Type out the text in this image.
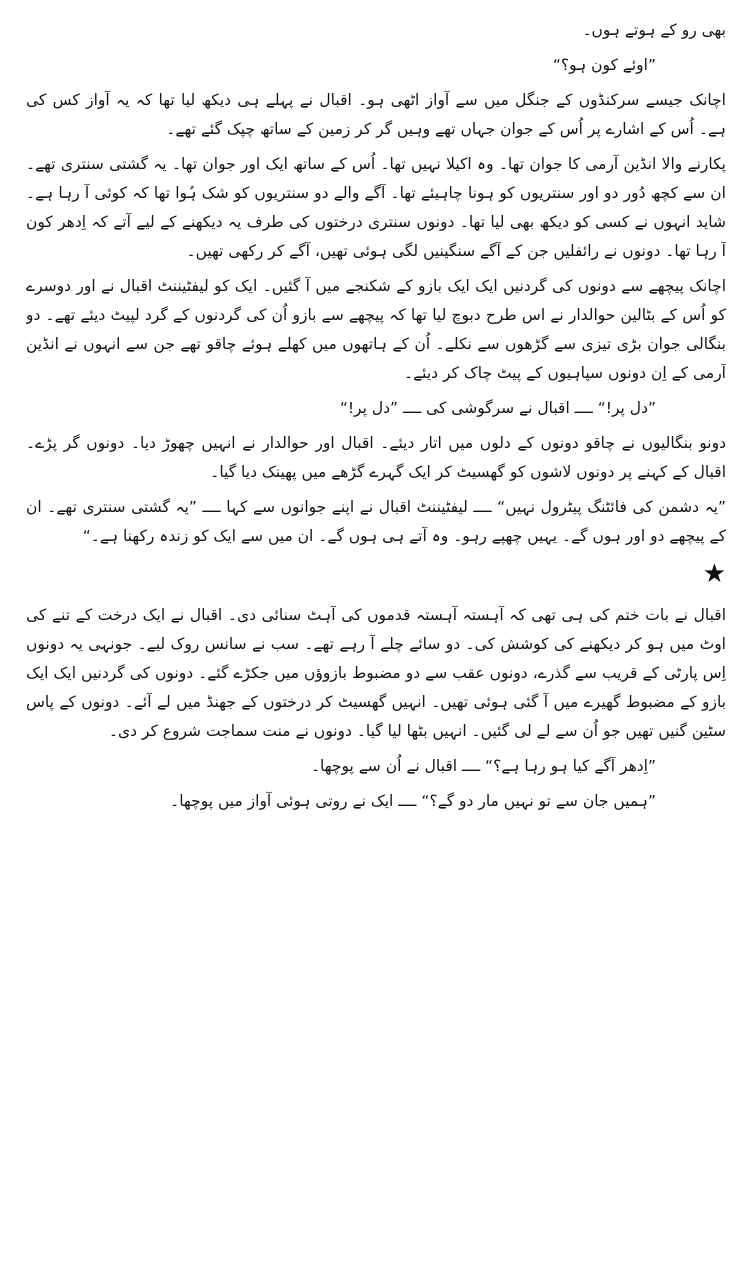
بھی رو کے ہوتے ہوں۔

”اوئے کون ہو؟“

اچانک جیسے سرکنڈوں کے جنگل میں سے آواز اٹھی ہو۔ اقبال نے پہلے ہی دیکھ لیا تھا کہ یہ آواز کس کی ہے۔ اُس کے اشارے پر اُس کے جوان جہاں تھے وہیں گر کر زمین کے ساتھ چپک گئے تھے۔

پکارنے والا انڈین آرمی کا جوان تھا۔ وہ اکیلا نہیں تھا۔ اُس کے ساتھ ایک اور جوان تھا۔ یہ گشتی سنتری تھے۔ ان سے کچھ دُور دو اور سنتریوں کو ہونا چاہیئے تھا۔ آگے والے دو سنتریوں کو شک ہُوا تھا کہ کوئی آ رہا ہے۔ شاید انہوں نے کسی کو دیکھ بھی لیا تھا۔ دونوں سنتری درختوں کی طرف یہ دیکھنے کے لیے آتے کہ اِدھر کون آ رہا تھا۔ دونوں نے رائفلیں جن کے آگے سنگینیں لگی ہوئی تھیں، آگے کر رکھی تھیں۔

اچانک پیچھے سے دونوں کی گردنیں ایک ایک بازو کے شکنجے میں آ گئیں۔ ایک کو لیفٹیننٹ اقبال نے اور دوسرے کو اُس کے بٹالین حوالدار نے اس طرح دبوچ لیا تھا کہ پیچھے سے بازو اُن کی گردنوں کے گرد لپیٹ دیئے تھے۔ دو بنگالی جوان بڑی تیزی سے گڑھوں سے نکلے۔ اُن کے ہاتھوں میں کھلے ہوئے چاقو تھے جن سے انہوں نے انڈین آرمی کے اِن دونوں سپاہیوں کے پیٹ چاک کر دیئے۔

”دل پر!“ ــــ اقبال نے سرگوشی کی ــــ ”دل پر!“

دونو بنگالیوں نے چاقو دونوں کے دلوں میں اتار دیئے۔ اقبال اور حوالدار نے انہیں چھوڑ دیا۔ دونوں گر پڑے۔ اقبال کے کہنے پر دونوں لاشوں کو گھسیٹ کر ایک گہرے گڑھے میں پھینک دیا گیا۔

”یہ دشمن کی فائٹنگ پیٹرول نہیں“ ــــ لیفٹیننٹ اقبال نے اپنے جوانوں سے کہا ــــ ”یہ گشتی سنتری تھے۔ ان کے پیچھے دو اور ہوں گے۔ یہیں چھپے رہو۔ وہ آتے ہی ہوں گے۔ ان میں سے ایک کو زندہ رکھنا ہے۔“

★

اقبال نے بات ختم کی ہی تھی کہ آہستہ آہستہ قدموں کی آہٹ سنائی دی۔ اقبال نے ایک درخت کے تنے کی اوٹ میں ہو کر دیکھنے کی کوشش کی۔ دو سائے چلے آ رہے تھے۔ سب نے سانس روک لیے۔ جونہی یہ دونوں اِس پارٹی کے قریب سے گذرے، دونوں عقب سے دو مضبوط بازوؤں میں جکڑے گئے۔ دونوں کی گردنیں ایک ایک بازو کے مضبوط گھیرے میں آ گئی ہوئی تھیں۔ انہیں گھسیٹ کر درختوں کے جھنڈ میں لے آئے۔ دونوں کے پاس سٹین گنیں تھیں جو اُن سے لے لی گئیں۔ انہیں بٹھا لیا گیا۔ دونوں نے منت سماجت شروع کر دی۔

”اِدھر آگے کیا ہو رہا ہے؟“ ــــ اقبال نے اُن سے پوچھا۔

”ہمیں جان سے تو نہیں مار دو گے؟“ ــــ ایک نے روتی ہوئی آواز میں پوچھا۔
